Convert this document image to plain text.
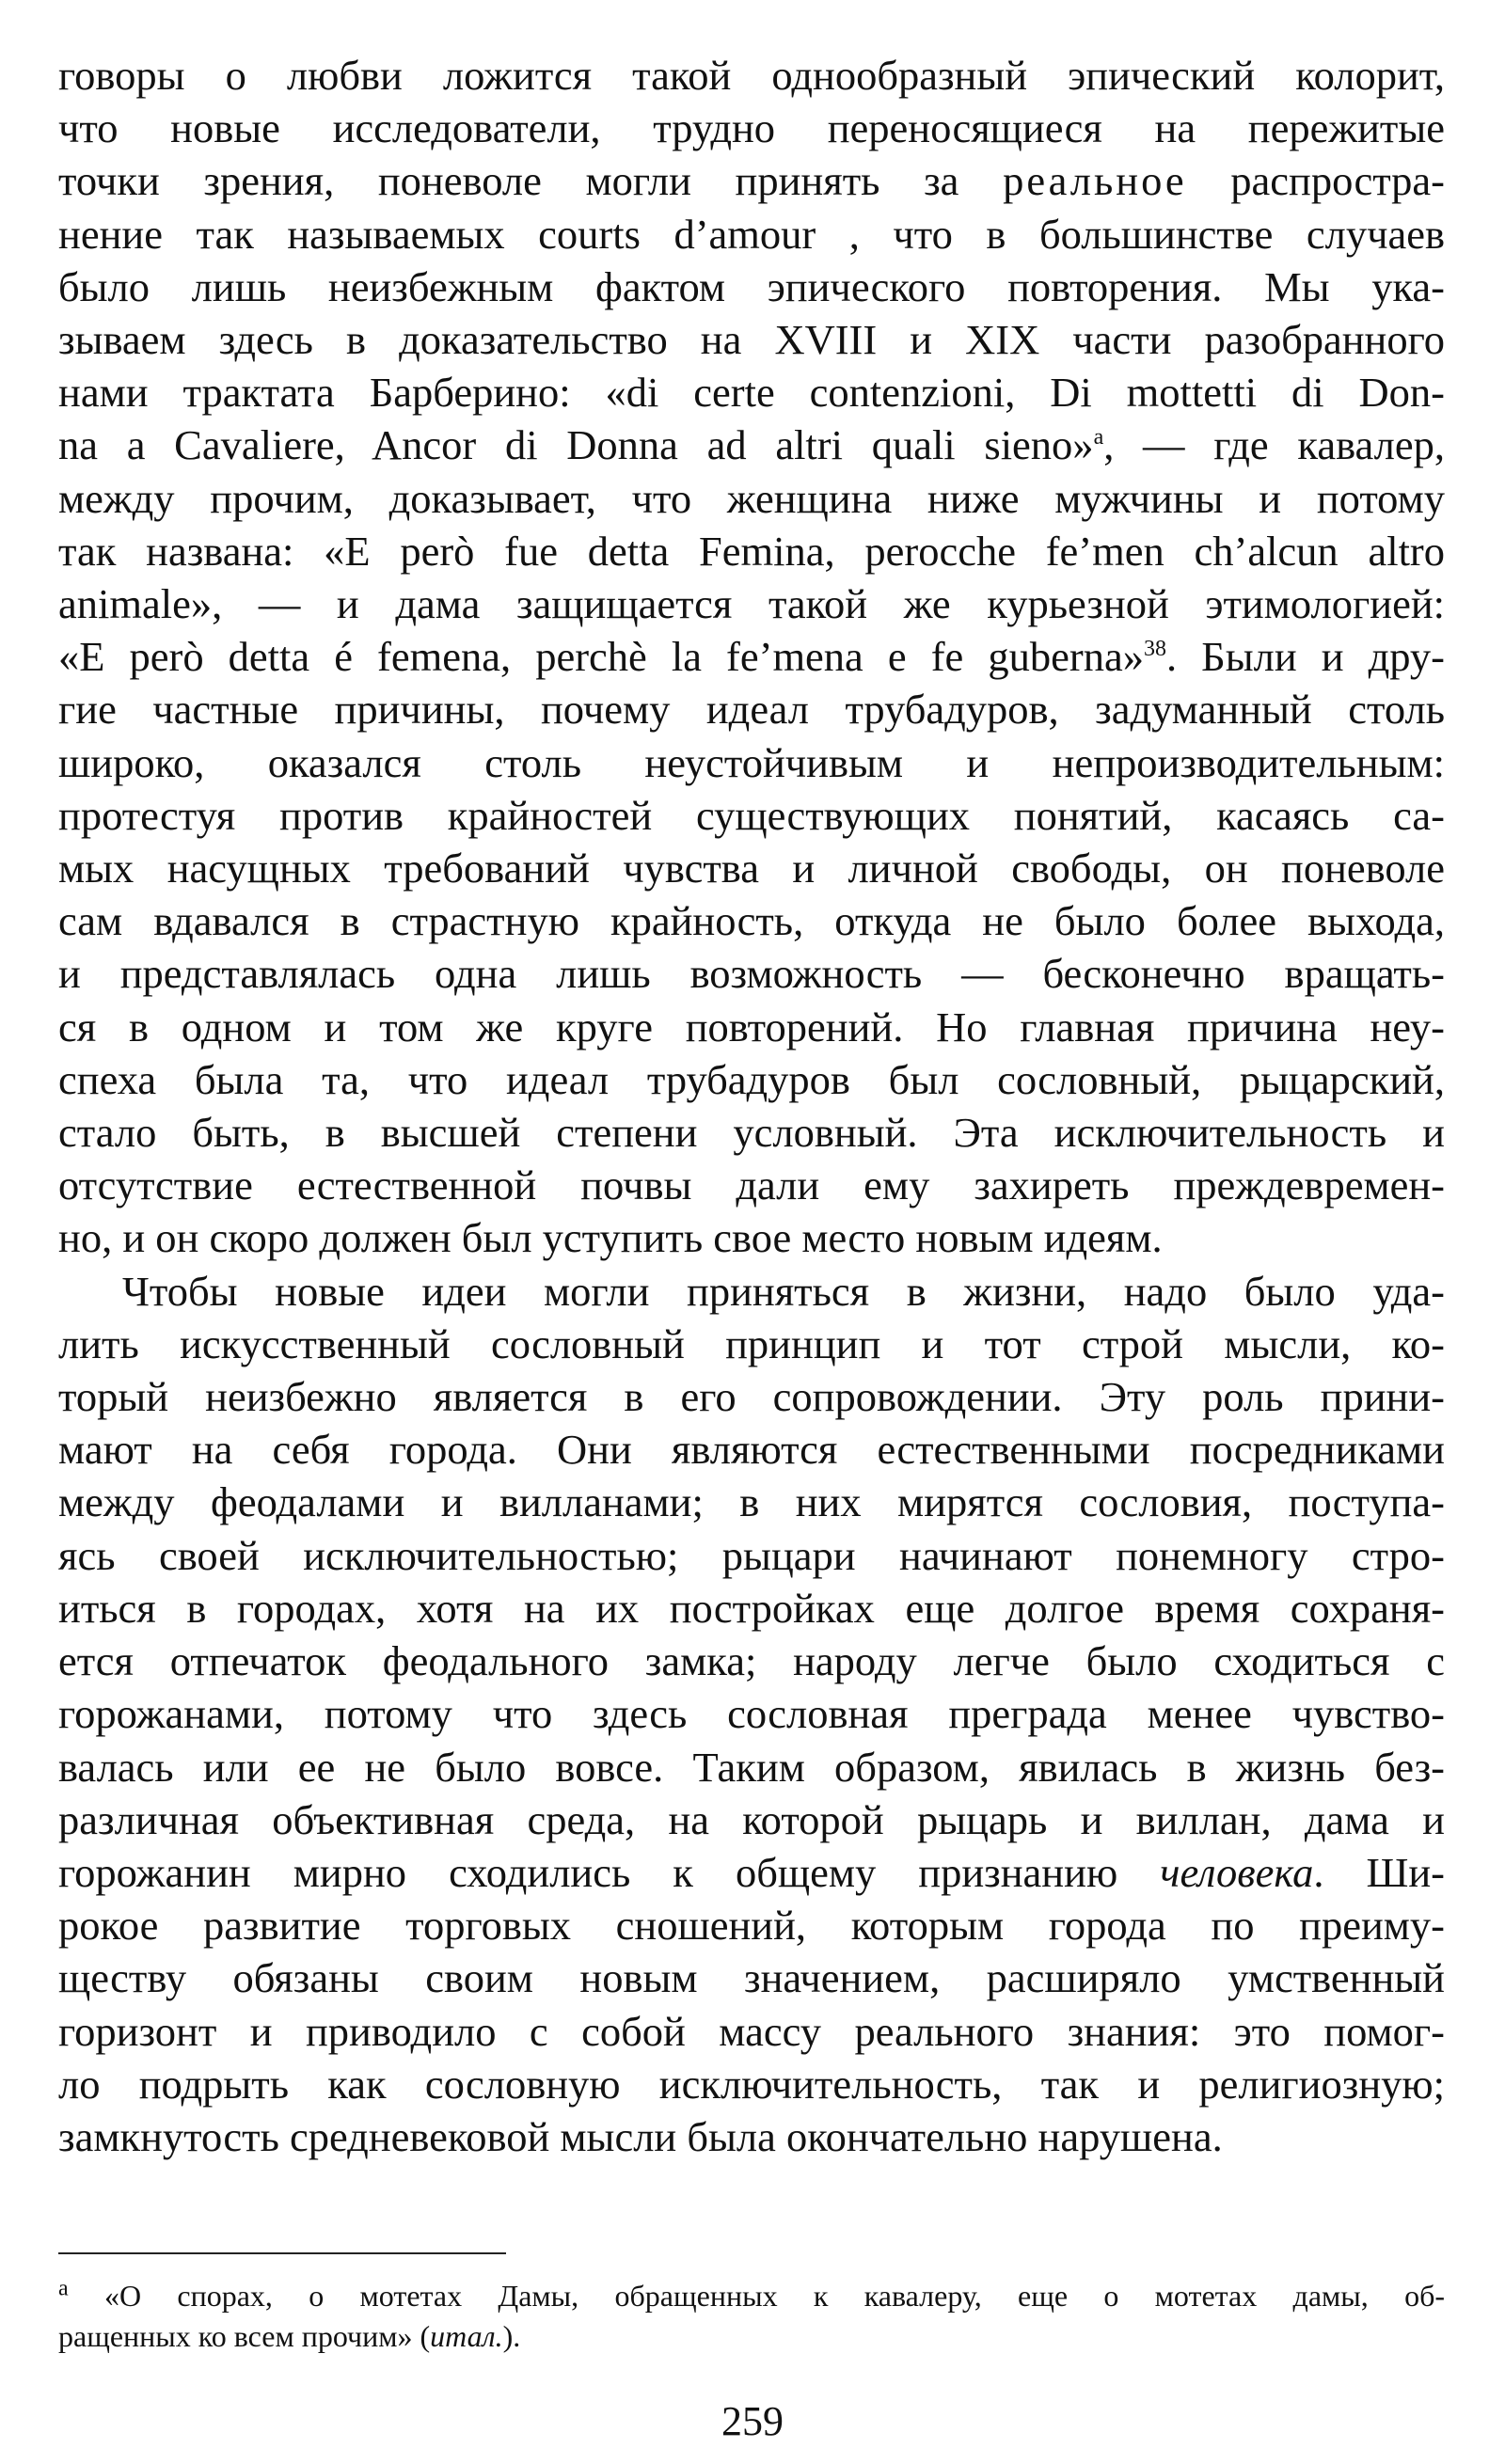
говоры о любви ложится такой однообразный эпический колорит,
что новые исследователи, трудно переносящиеся на пережитые
точки зрения, поневоле могли принять за реальное распростра-
нение так называемых courts d’amour , что в большинстве случаев
было лишь неизбежным фактом эпического повторения. Мы ука-
зываем здесь в доказательство на XVIII и XIX части разобранного
нами трактата Барберино: «di certe contenzioni, Di mottetti di Don-
na a Cavaliere, Ancor di Donna ad altri quali sieno»$^a$, — где кавалер,
между прочим, доказывает, что женщина ниже мужчины и потому
так названа: «E però fue detta Femina, perocche fe’men ch’alcun altro
animale», — и дама защищается такой же курьезной этимологией:
«E però detta é femena, perchè la fe’mena e fe guberna»$^{38}$. Были и дру-
гие частные причины, почему идеал трубадуров, задуманный столь
широко, оказался столь неустойчивым и непроизводительным:
протестуя против крайностей существующих понятий, касаясь са-
мых насущных требований чувства и личной свободы, он поневоле
сам вдавался в страстную крайность, откуда не было более выхода,
и представлялась одна лишь возможность — бесконечно вращать-
ся в одном и том же круге повторений. Но главная причина неу-
спеха была та, что идеал трубадуров был сословный, рыцарский,
стало быть, в высшей степени условный. Эта исключительность и
отсутствие естественной почвы дали ему захиреть преждевремен-
но, и он скоро должен был уступить свое место новым идеям.

Чтобы новые идеи могли приняться в жизни, надо было уда-
лить искусственный сословный принцип и тот строй мысли, ко-
торый неизбежно является в его сопровождении. Эту роль прини-
мают на себя города. Они являются естественными посредниками
между феодалами и вилланами; в них мирятся сословия, поступа-
ясь своей исключительностью; рыцари начинают понемногу стро-
иться в городах, хотя на их постройках еще долгое время сохраня-
ется отпечаток феодального замка; народу легче было сходиться с
горожанами, потому что здесь сословная преграда менее чувство-
валась или ее не было вовсе. Таким образом, явилась в жизнь без-
различная объективная среда, на которой рыцарь и виллан, дама и
горожанин мирно сходились к общему признанию человека. Ши-
рокое развитие торговых сношений, которым города по преиму-
ществу обязаны своим новым значением, расширяло умственный
горизонт и приводило с собой массу реального знания: это помог-
ло подрыть как сословную исключительность, так и религиозную;
замкнутость средневековой мысли была окончательно нарушена.

$^a$ «О спорах, о мотетах Дамы, обращенных к кавалеру, еще о мотетах дамы, об-
ращенных ко всем прочим» (итал.).
259
